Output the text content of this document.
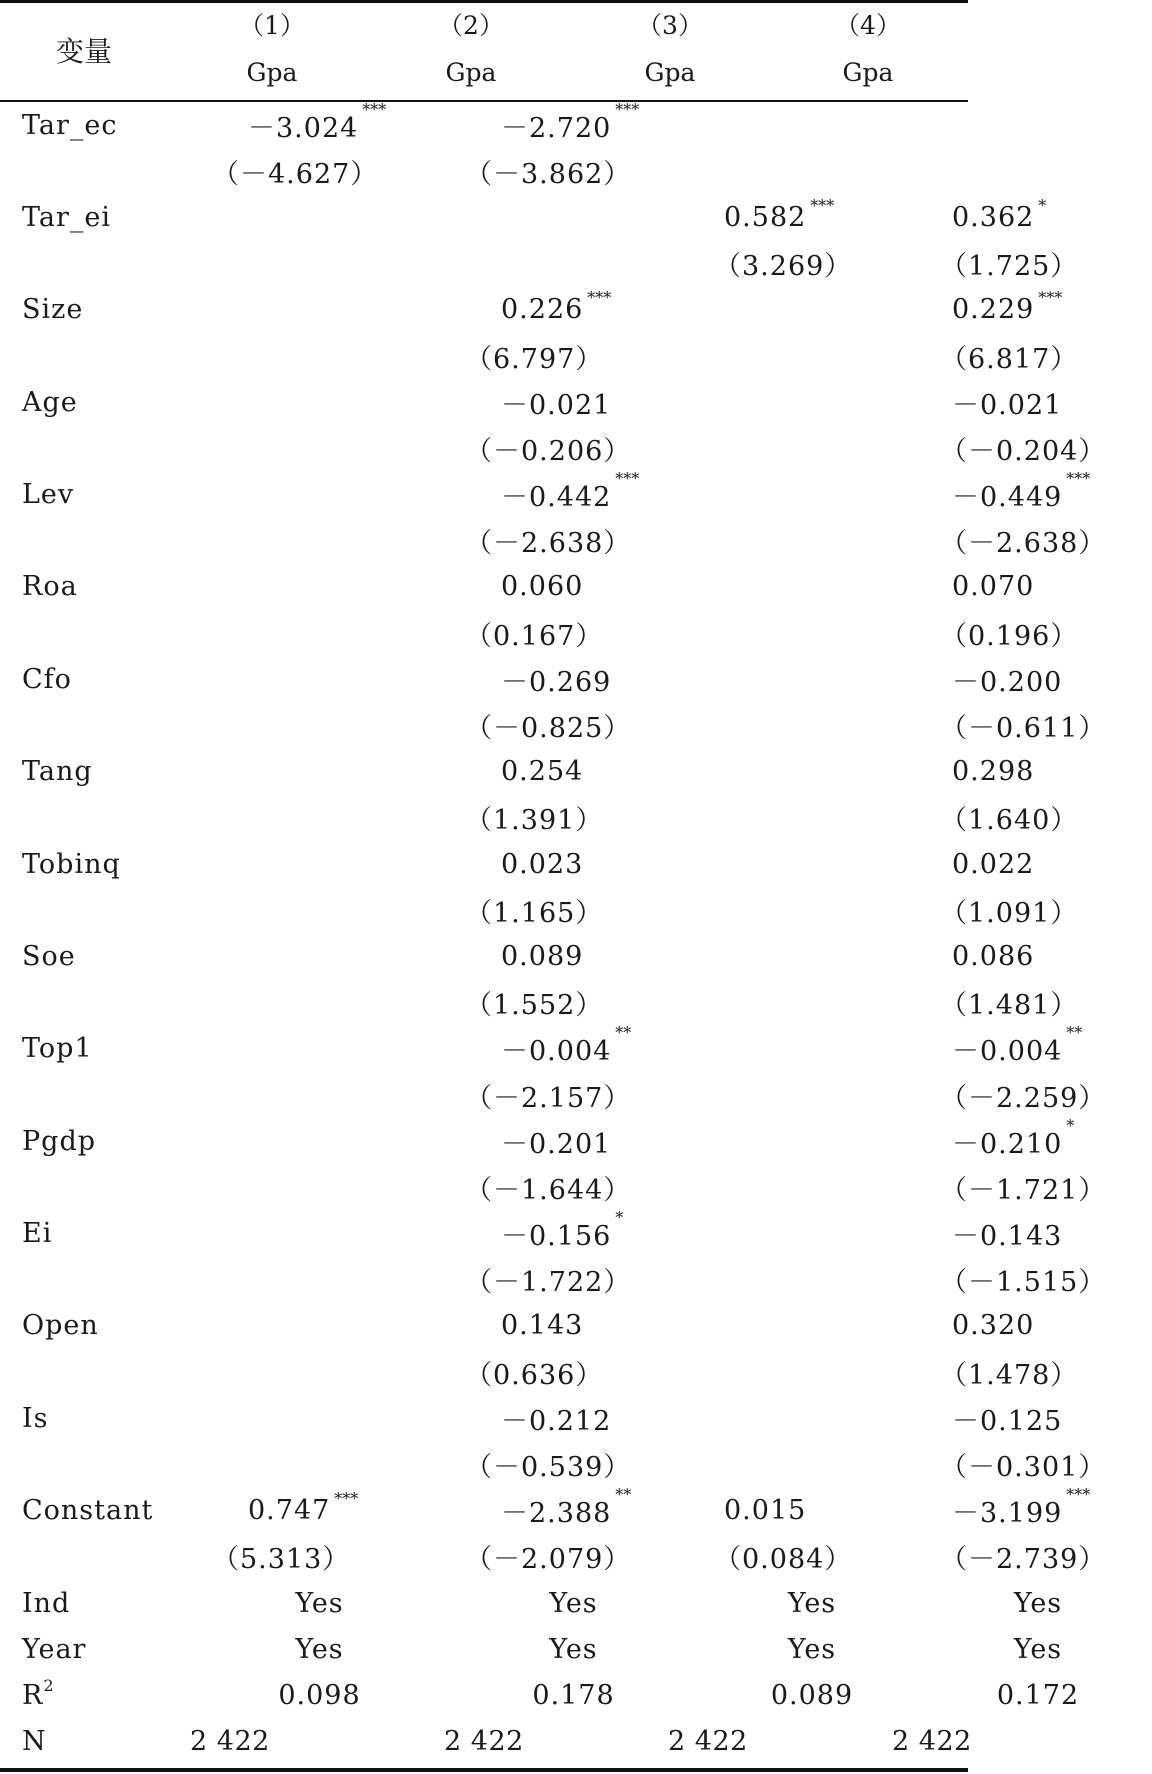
变量
（1）	（2）	（3）	（4）
Gpa	Gpa	Gpa	Gpa
Tar_ec	－3.024***	－2.720***		
	（－4.627）	（－3.862）		
Tar_ei			0.582 ***	0.362 *
			（3.269）	（1.725）
Size		0.226 ***		0.229 ***
		（6.797）		（6.817）
Age		－0.021		－0.021
		（－0.206）		（－0.204）
Lev		－0.442***		－0.449***
		（－2.638）		（－2.638）
Roa		0.060		0.070
		（0.167）		（0.196）
Cfo		－0.269		－0.200
		（－0.825）		（－0.611）
Tang		0.254		0.298
		（1.391）		（1.640）
Tobinq		0.023		0.022
		（1.165）		（1.091）
Soe		0.089		0.086
		（1.552）		（1.481）
Top1		－0.004**		－0.004**
		（－2.157）		（－2.259）
Pgdp		－0.201		－0.210*
		（－1.644）		（－1.721）
Ei		－0.156*		－0.143
		（－1.722）		（－1.515）
Open		0.143		0.320
		（0.636）		（1.478）
Is		－0.212		－0.125
		（－0.539）		（－0.301）
Constant	0.747 ***	－2.388**	0.015	－3.199***
	（5.313）	（－2.079）	（0.084）	（－2.739）
Ind	Yes	Yes	Yes	Yes
Year	Yes	Yes	Yes	Yes
$R^2$	0.098	0.178	0.089	0.172
N	2 422	2 422	2 422	2 422
